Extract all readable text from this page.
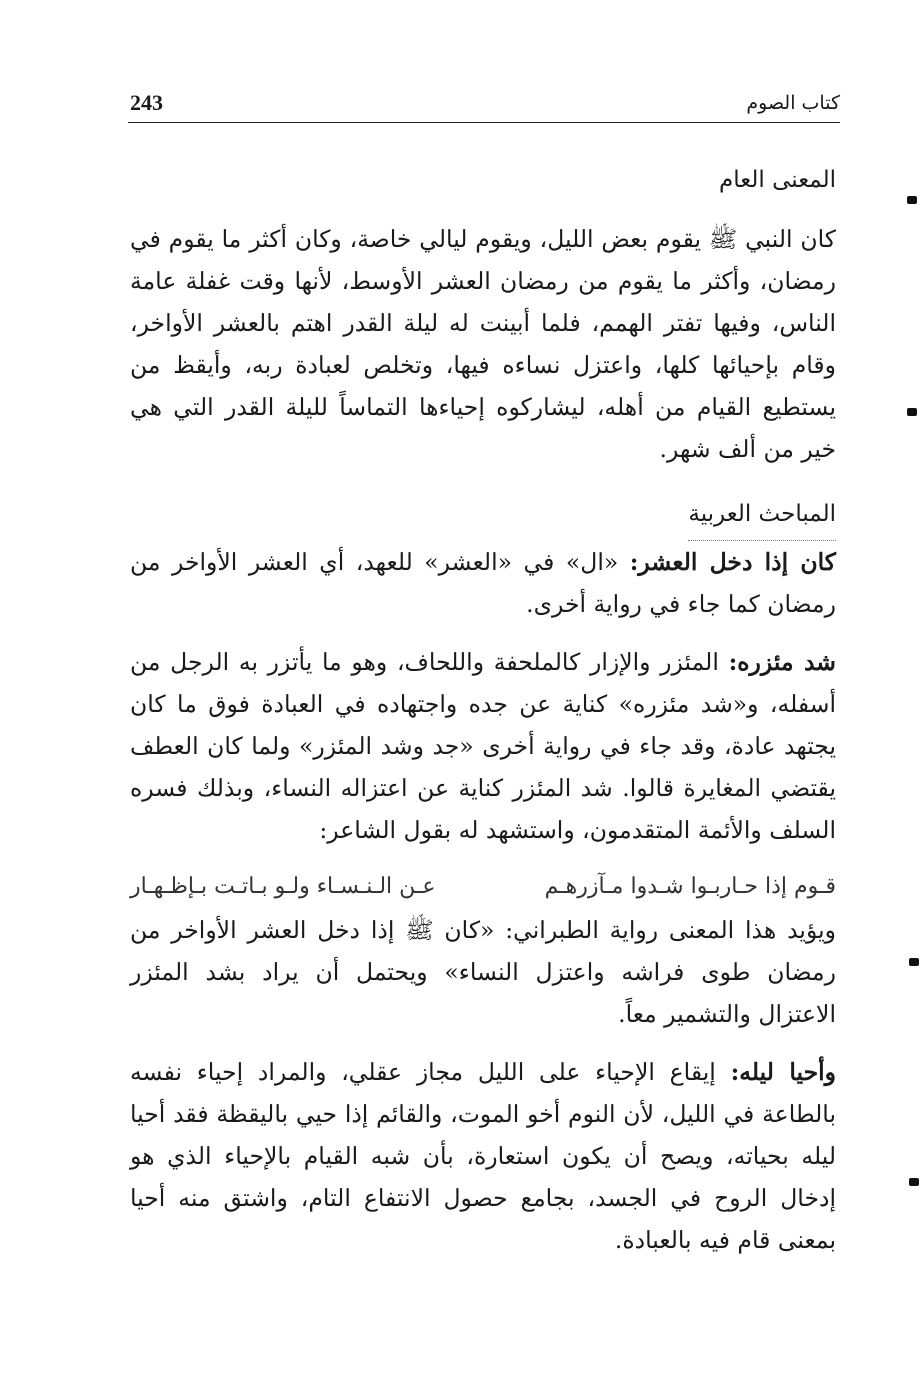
243	كتاب الصوم
المعنى العام

كان النبي ﷺ يقوم بعض الليل، ويقوم ليالي خاصة، وكان أكثر ما يقوم في رمضان، وأكثر ما يقوم من رمضان العشر الأوسط، لأنها وقت غفلة عامة الناس، وفيها تفتر الهمم، فلما أبينت له ليلة القدر اهتم بالعشر الأواخر، وقام بإحيائها كلها، واعتزل نساءه فيها، وتخلص لعبادة ربه، وأيقظ من يستطيع القيام من أهله، ليشاركوه إحياءها التماساً لليلة القدر التي هي خير من ألف شهر.

المباحث العربية

كان إذا دخل العشر: «ال» في «العشر» للعهد، أي العشر الأواخر من رمضان كما جاء في رواية أخرى.

شد مئزره: المئزر والإزار كالملحفة واللحاف، وهو ما يأتزر به الرجل من أسفله، و«شد مئزره» كناية عن جده واجتهاده في العبادة فوق ما كان يجتهد عادة، وقد جاء في رواية أخرى «جد وشد المئزر» ولما كان العطف يقتضي المغايرة قالوا. شد المئزر كناية عن اعتزاله النساء، وبذلك فسره السلف والأئمة المتقدمون، واستشهد له بقول الشاعر:

قـوم إذا حـاربـوا شـدوا مـآزرهـم
عـن الـنـسـاء ولـو بـاتـت بـإظـهـار

ويؤيد هذا المعنى رواية الطبراني: «كان ﷺ إذا دخل العشر الأواخر من رمضان طوى فراشه واعتزل النساء» ويحتمل أن يراد بشد المئزر الاعتزال والتشمير معاً.

وأحيا ليله: إيقاع الإحياء على الليل مجاز عقلي، والمراد إحياء نفسه بالطاعة في الليل، لأن النوم أخو الموت، والقائم إذا حيي باليقظة فقد أحيا ليله بحياته، ويصح أن يكون استعارة، بأن شبه القيام بالإحياء الذي هو إدخال الروح في الجسد، بجامع حصول الانتفاع التام، واشتق منه أحيا بمعنى قام فيه بالعبادة.
